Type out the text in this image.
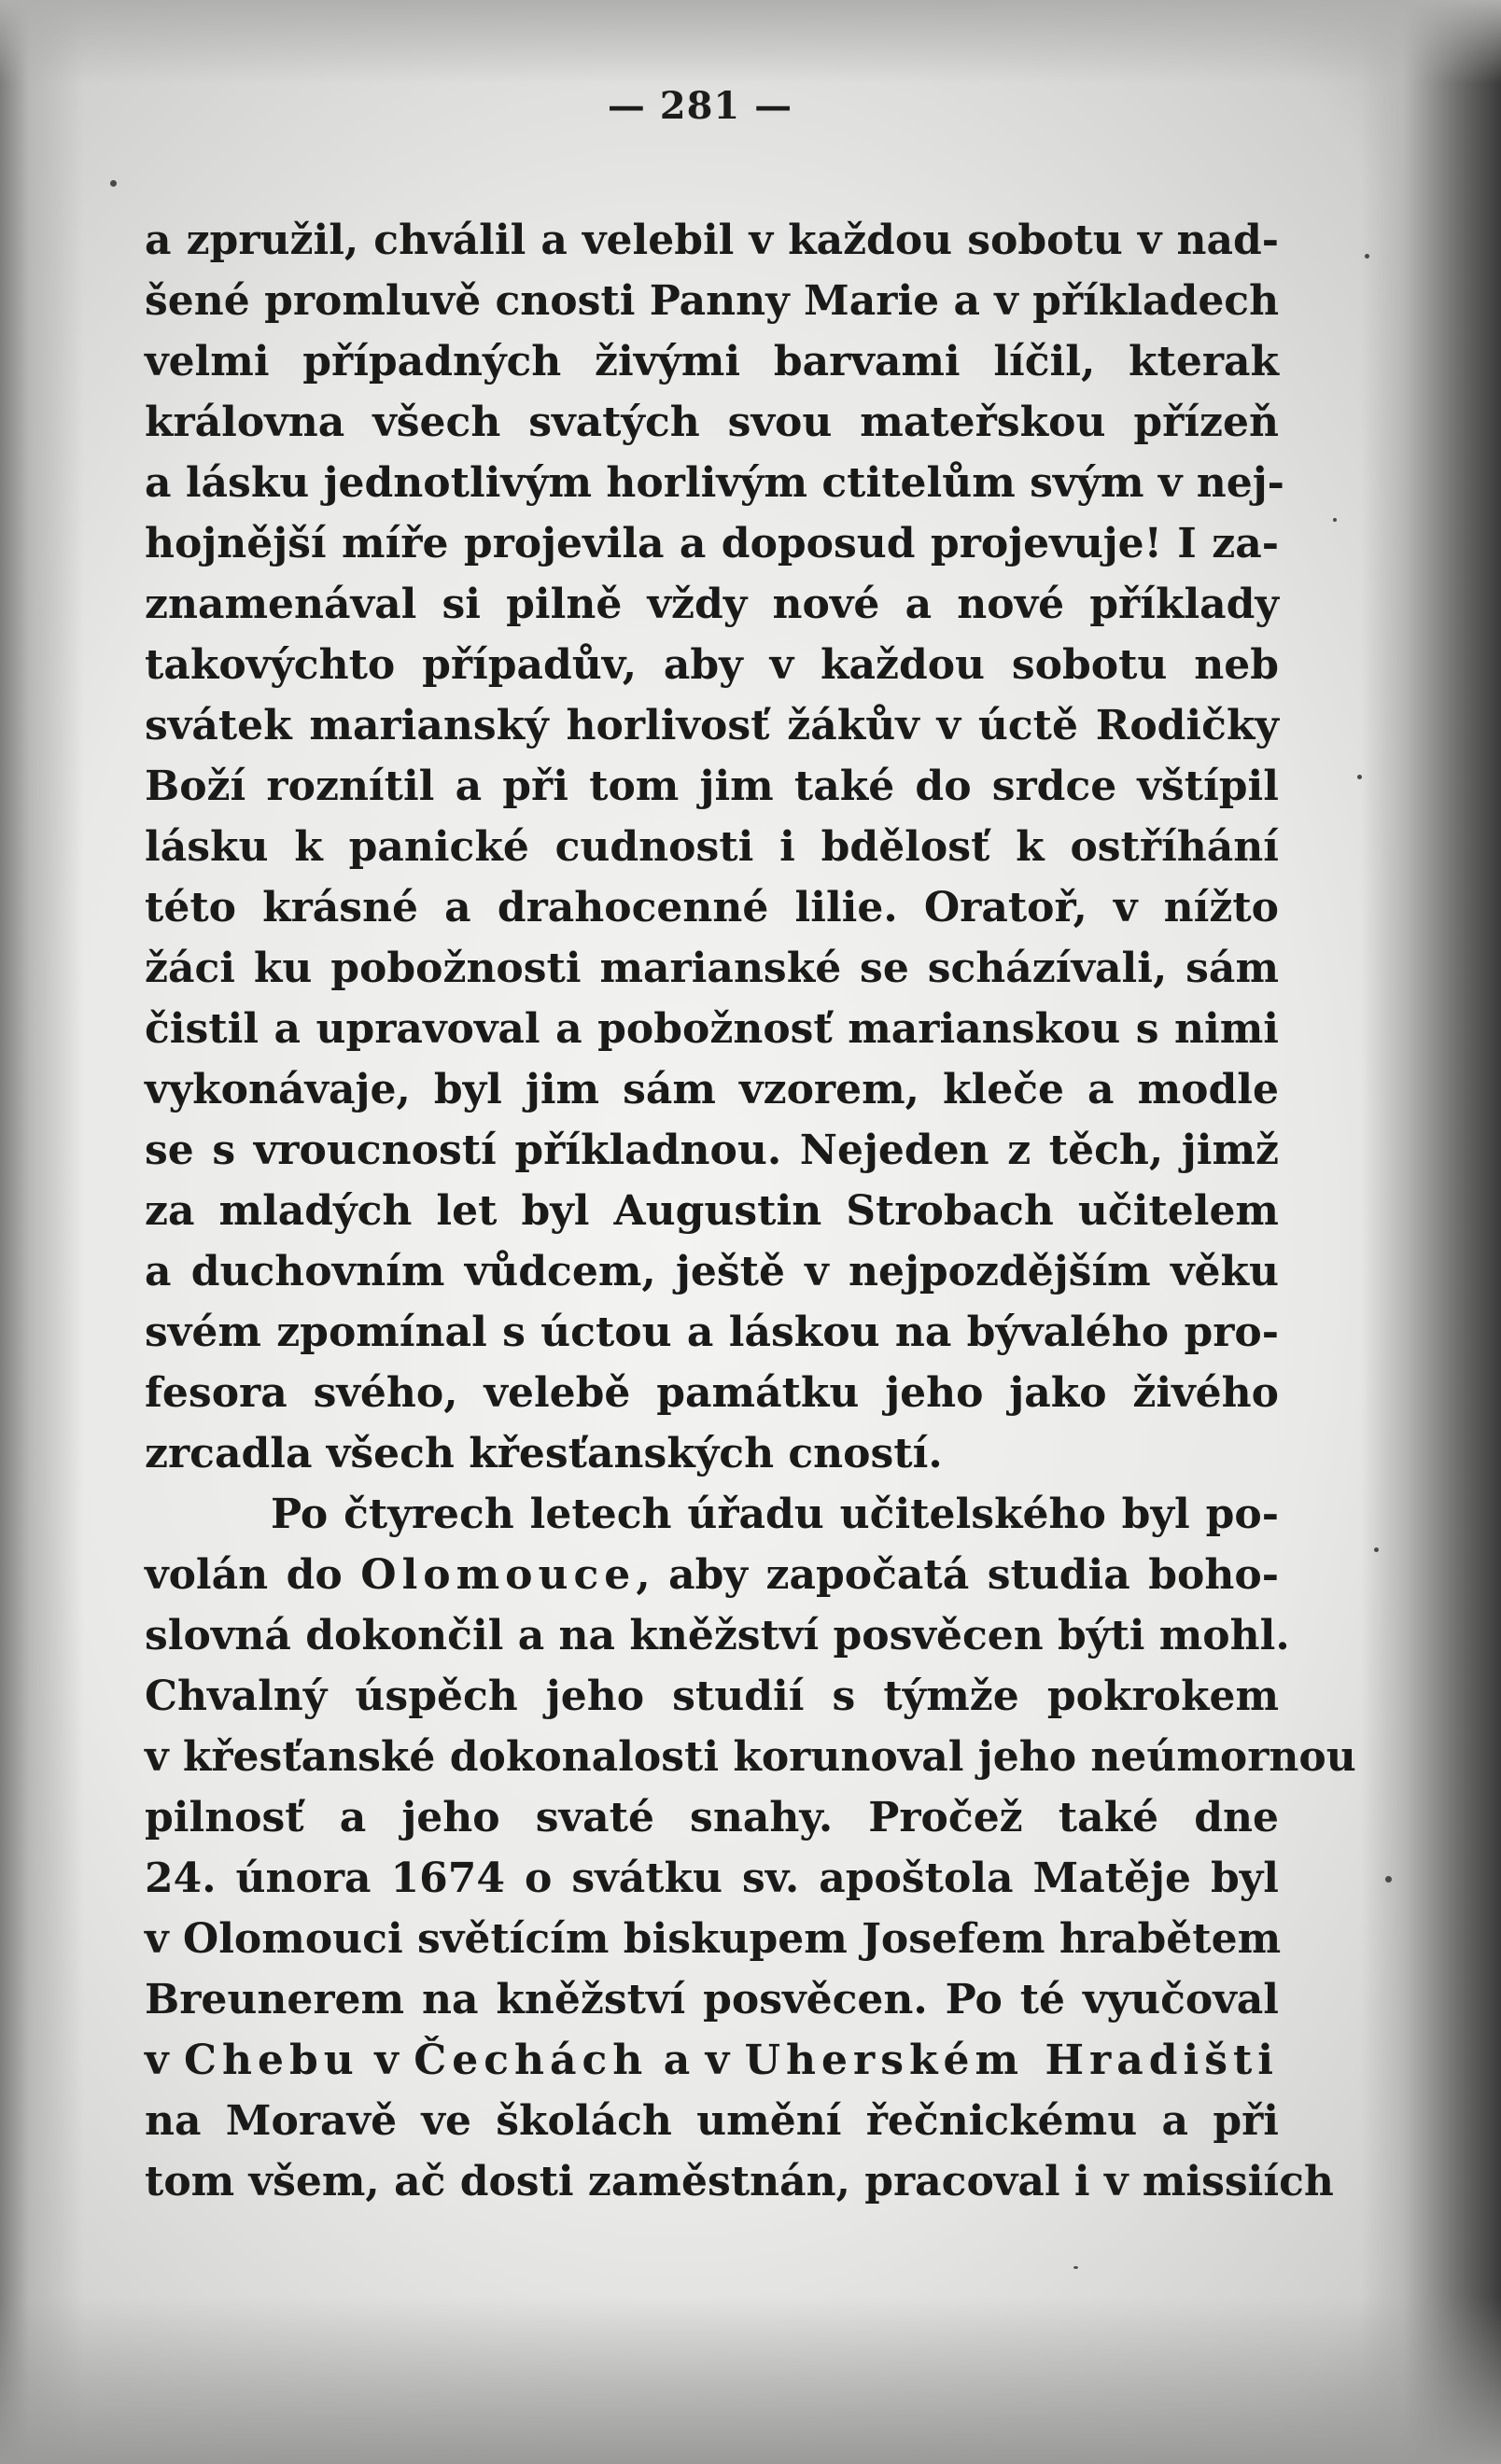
— 281 —
a zpružil, chválil a velebil v každou sobotu v nad-
šené promluvě cnosti Panny Marie a v příkladech
velmi případných živými barvami líčil, kterak
královna všech svatých svou mateřskou přízeň
a lásku jednotlivým horlivým ctitelům svým v nej-
hojnější míře projevila a doposud projevuje! I za-
znamenával si pilně vždy nové a nové příklady
takovýchto případův, aby v každou sobotu neb
svátek marianský horlivosť žákův v úctě Rodičky
Boží roznítil a při tom jim také do srdce vštípil
lásku k panické cudnosti i bdělosť k ostříhání
této krásné a drahocenné lilie. Oratoř, v nížto
žáci ku pobožnosti marianské se scházívali, sám
čistil a upravoval a pobožnosť marianskou s nimi
vykonávaje, byl jim sám vzorem, kleče a modle
se s vroucností příkladnou. Nejeden z těch, jimž
za mladých let byl Augustin Strobach učitelem
a duchovním vůdcem, ještě v nejpozdějším věku
svém zpomínal s úctou a láskou na bývalého pro-
fesora svého, velebě památku jeho jako živého
zrcadla všech křesťanských cností.
Po čtyrech letech úřadu učitelského byl po-
volán do Olomouce, aby započatá studia boho-
slovná dokončil a na kněžství posvěcen býti mohl.
Chvalný úspěch jeho studií s týmže pokrokem
v křesťanské dokonalosti korunoval jeho neúmornou
pilnosť a jeho svaté snahy. Pročež také dne
24. února 1674 o svátku sv. apoštola Matěje byl
v Olomouci světícím biskupem Josefem hrabětem
Breunerem na kněžství posvěcen. Po té vyučoval
v Chebu v Čechách a v Uherském Hradišti
na Moravě ve školách umění řečnickému a při
tom všem, ač dosti zaměstnán, pracoval i v missiích
